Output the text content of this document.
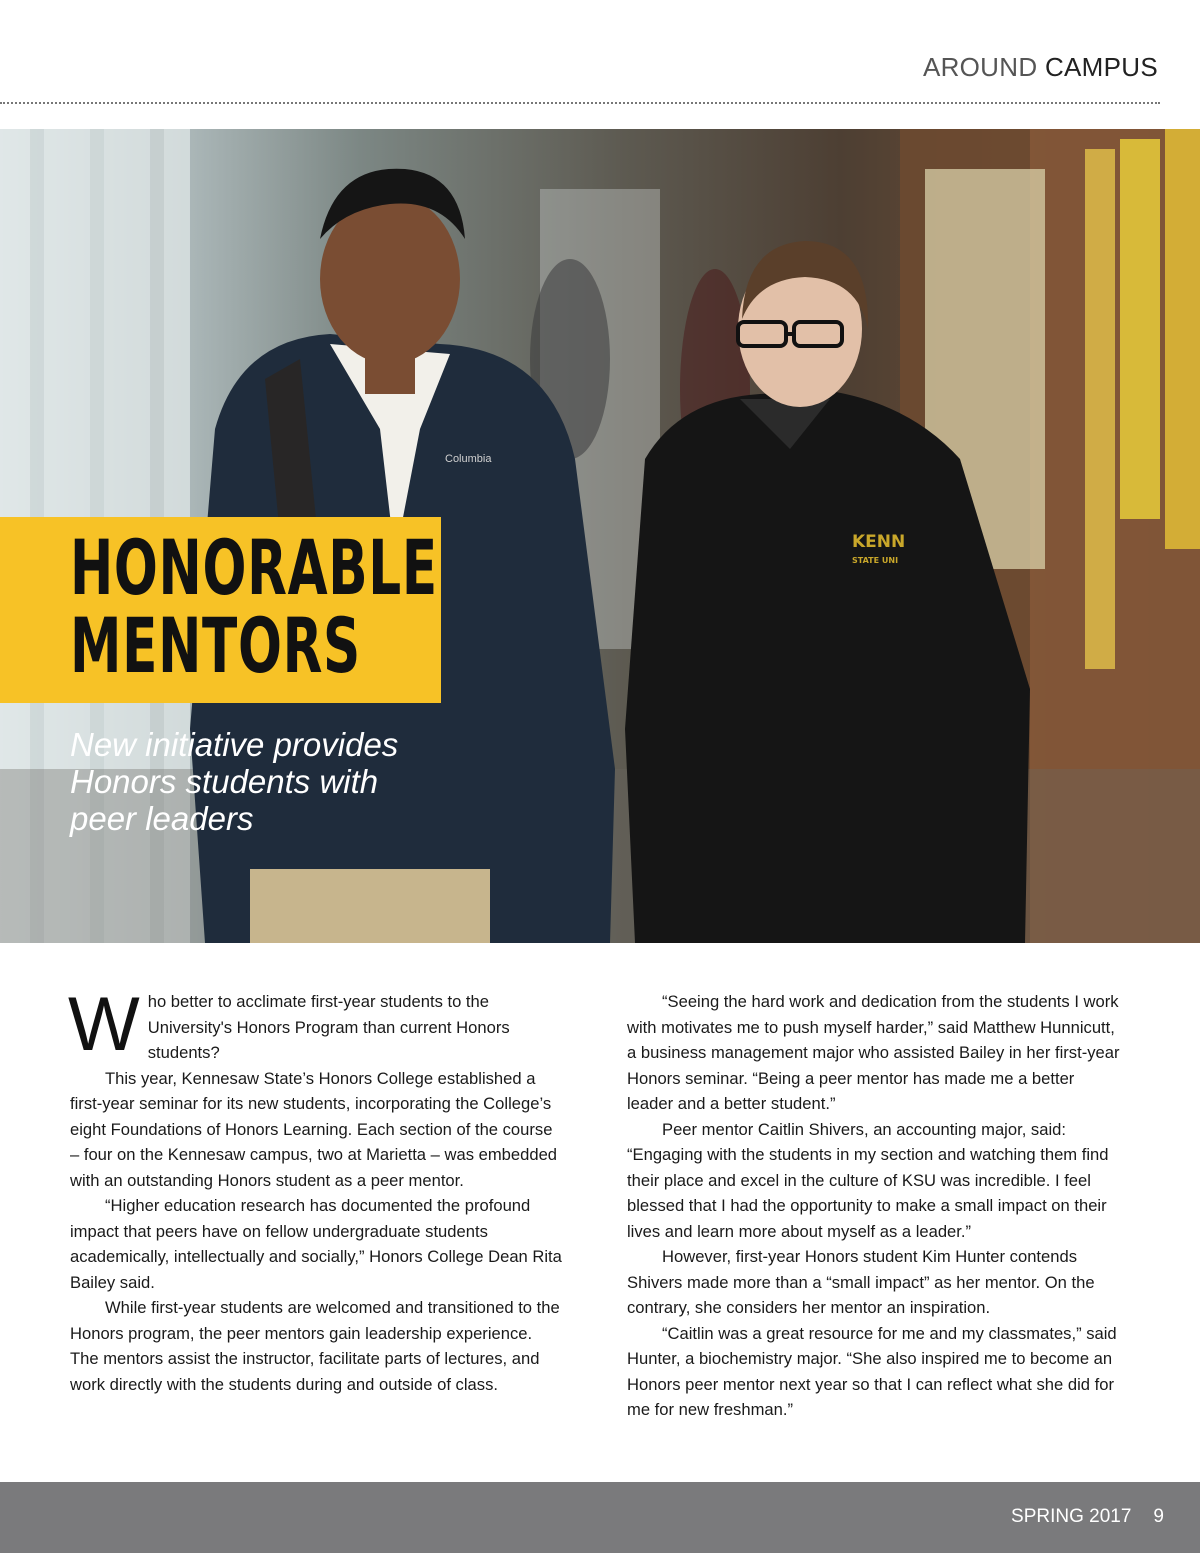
AROUND CAMPUS
Columbia
KENN
STATE UNI
HONORABLE
MENTORS
New initiative provides Honors students with peer leaders

Who better to acclimate first-year students to the University's Honors Program than current Honors students?

This year, Kennesaw State’s Honors College established a first-year seminar for its new students, incorporating the College’s eight Foundations of Honors Learning. Each section of the course – four on the Kennesaw campus, two at Marietta – was embedded with an outstanding Honors student as a peer mentor.

“Higher education research has documented the profound impact that peers have on fellow undergraduate students academically, intellectually and socially,” Honors College Dean Rita Bailey said.

While first-year students are welcomed and transitioned to the Honors program, the peer mentors gain leadership experience. The mentors assist the instructor, facilitate parts of lectures, and work directly with the students during and outside of class.

“Seeing the hard work and dedication from the students I work with motivates me to push myself harder,” said Matthew Hunnicutt, a business management major who assisted Bailey in her first-year Honors seminar. “Being a peer mentor has made me a better leader and a better student.”

Peer mentor Caitlin Shivers, an accounting major, said: “Engaging with the students in my section and watching them find their place and excel in the culture of KSU was incredible. I feel blessed that I had the opportunity to make a small impact on their lives and learn more about myself as a leader.”

However, first-year Honors student Kim Hunter contends Shivers made more than a “small impact” as her mentor. On the contrary, she considers her mentor an inspiration.

“Caitlin was a great resource for me and my classmates,” said Hunter, a biochemistry major. “She also inspired me to become an Honors peer mentor next year so that I can reflect what she did for me for new freshman.”

SPRING 2017 9
